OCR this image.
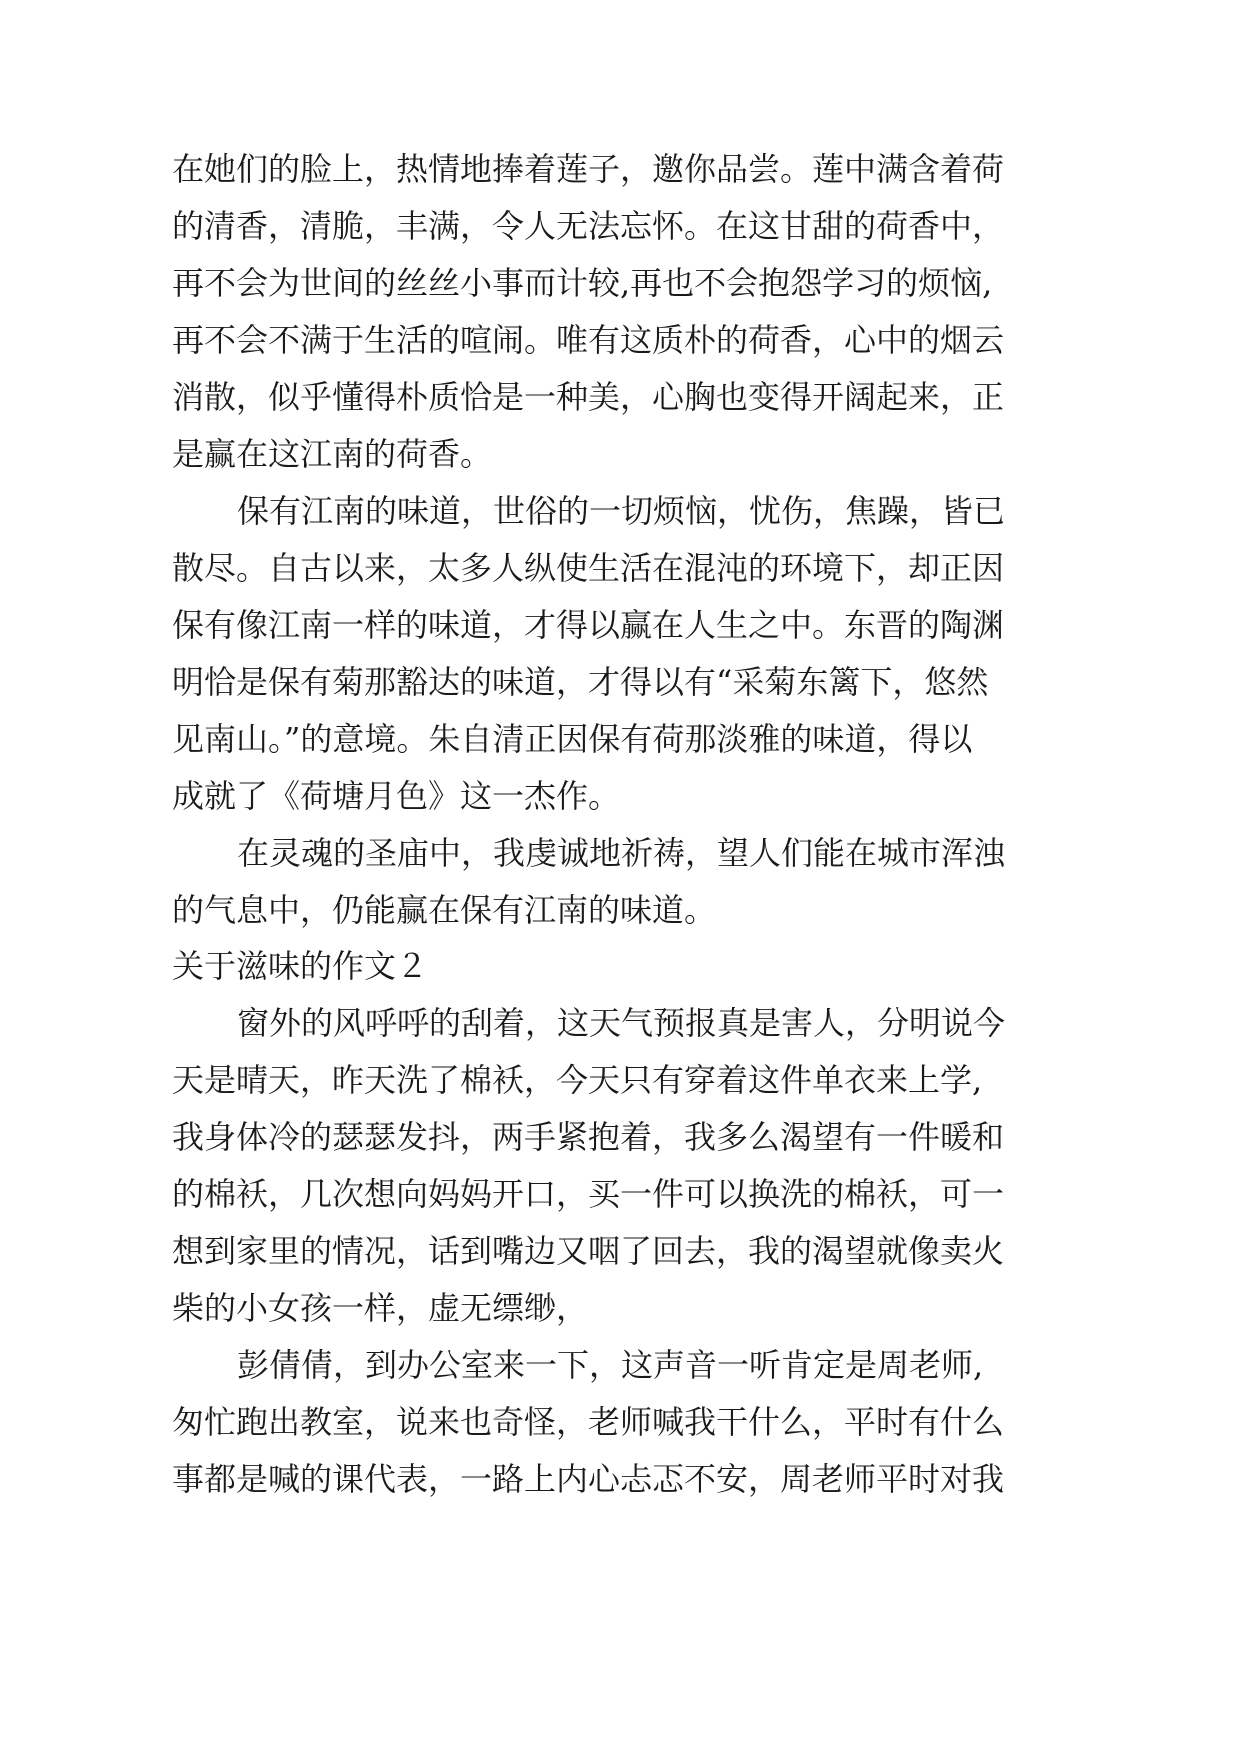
在她们的脸上，热情地捧着莲子，邀你品尝。莲中满含着荷
的清香，清脆，丰满，令人无法忘怀。在这甘甜的荷香中，
再不会为世间的丝丝小事而计较,再也不会抱怨学习的烦恼,
再不会不满于生活的喧闹。唯有这质朴的荷香，心中的烟云
消散，似乎懂得朴质恰是一种美，心胸也变得开阔起来，正
是赢在这江南的荷香。
保有江南的味道，世俗的一切烦恼，忧伤，焦躁，皆已
散尽。自古以来，太多人纵使生活在混沌的环境下，却正因
保有像江南一样的味道，才得以赢在人生之中。东晋的陶渊
明恰是保有菊那豁达的味道，才得以有“采菊东篱下，悠然
见南山。”的意境。朱自清正因保有荷那淡雅的味道，得以
成就了《荷塘月色》这一杰作。
在灵魂的圣庙中，我虔诚地祈祷，望人们能在城市浑浊
的气息中，仍能赢在保有江南的味道。
关于滋味的作文２
窗外的风呼呼的刮着，这天气预报真是害人，分明说今
天是晴天，昨天洗了棉袄，今天只有穿着这件单衣来上学,
我身体冷的瑟瑟发抖，两手紧抱着，我多么渴望有一件暖和
的棉袄，几次想向妈妈开口，买一件可以换洗的棉袄，可一
想到家里的情况，话到嘴边又咽了回去，我的渴望就像卖火
柴的小女孩一样，虚无缥缈，
彭倩倩，到办公室来一下，这声音一听肯定是周老师,
匆忙跑出教室，说来也奇怪，老师喊我干什么，平时有什么
事都是喊的课代表，一路上内心忐忑不安，周老师平时对我
